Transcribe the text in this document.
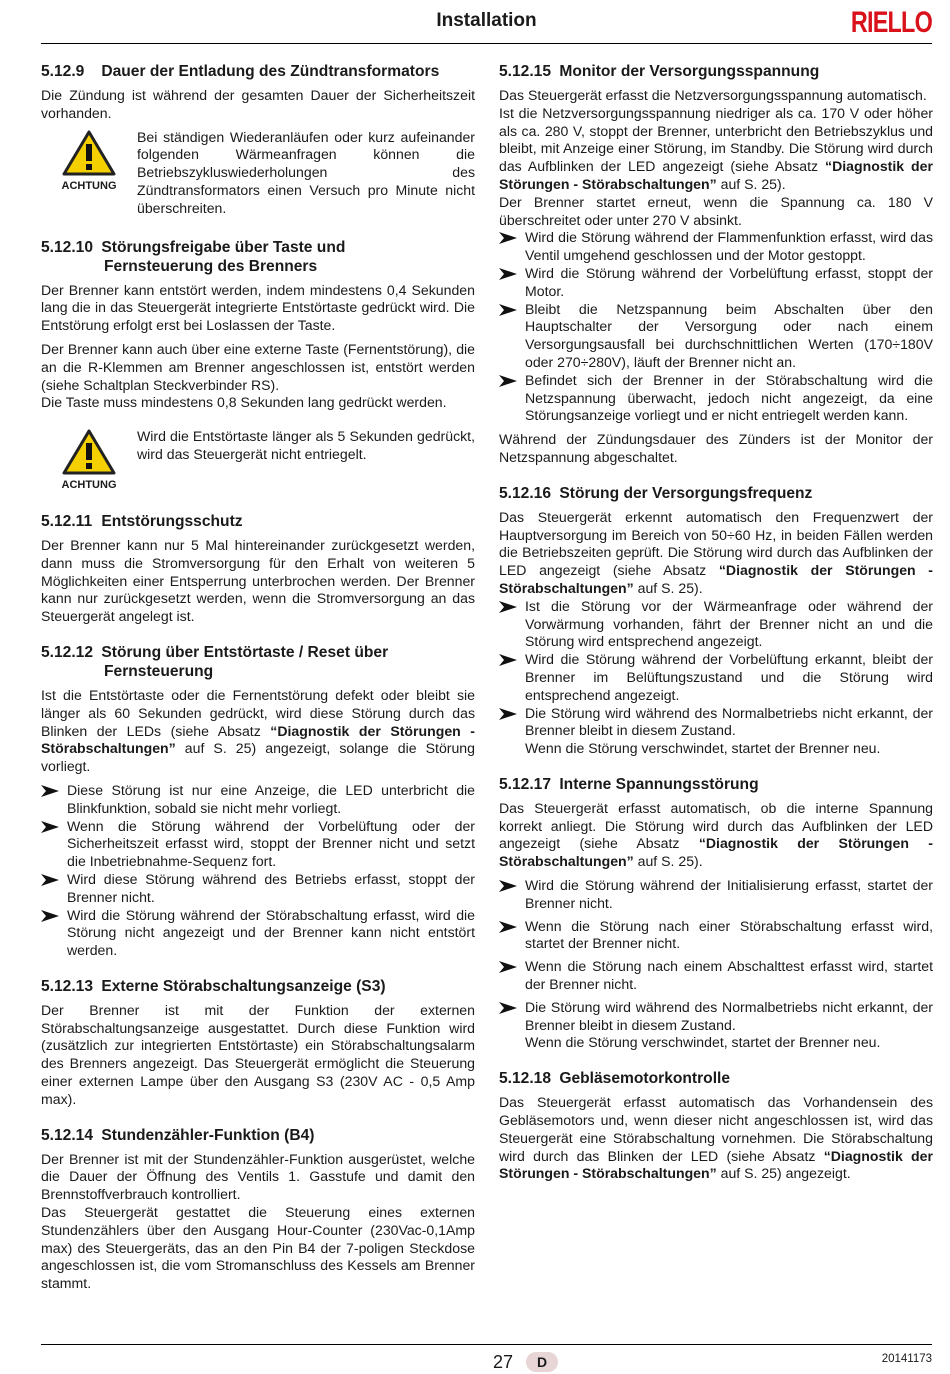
Installation	RIELLO
5.12.9 Dauer der Entladung des Zündtransformators

Die Zündung ist während der gesamten Dauer der Sicherheitszeit vorhanden.

ACHTUNG
Bei ständigen Wiederanläufen oder kurz aufeinander folgenden Wärmeanfragen können die Betriebszykluswiederholungen des Zündtransformators einen Versuch pro Minute nicht überschreiten.
5.12.10 Störungsfreigabe über Taste und
Fernsteuerung des Brenners

Der Brenner kann entstört werden, indem mindestens 0,4 Sekunden lang die in das Steuergerät integrierte Entstörtaste gedrückt wird. Die Entstörung erfolgt erst bei Loslassen der Taste.

Der Brenner kann auch über eine externe Taste (Fernentstörung), die an die R-Klemmen am Brenner angeschlossen ist, entstört werden (siehe Schaltplan Steckverbinder RS).

Die Taste muss mindestens 0,8 Sekunden lang gedrückt werden.

ACHTUNG
Wird die Entstörtaste länger als 5 Sekunden gedrückt, wird das Steuergerät nicht entriegelt.
5.12.11 Entstörungsschutz

Der Brenner kann nur 5 Mal hintereinander zurückgesetzt werden, dann muss die Stromversorgung für den Erhalt von weiteren 5 Möglichkeiten einer Entsperrung unterbrochen werden. Der Brenner kann nur zurückgesetzt werden, wenn die Stromversorgung an das Steuergerät angelegt ist.

5.12.12 Störung über Entstörtaste / Reset über
Fernsteuerung

Ist die Entstörtaste oder die Fernentstörung defekt oder bleibt sie länger als 60 Sekunden gedrückt, wird diese Störung durch das Blinken der LEDs (siehe Absatz “Diagnostik der Störungen - Störabschaltungen” auf S. 25) angezeigt, solange die Störung vorliegt.

Diese Störung ist nur eine Anzeige, die LED unterbricht die Blinkfunktion, sobald sie nicht mehr vorliegt.
Wenn die Störung während der Vorbelüftung oder der Sicherheitszeit erfasst wird, stoppt der Brenner nicht und setzt die Inbetriebnahme-Sequenz fort.
Wird diese Störung während des Betriebs erfasst, stoppt der Brenner nicht.
Wird die Störung während der Störabschaltung erfasst, wird die Störung nicht angezeigt und der Brenner kann nicht entstört werden.
5.12.13 Externe Störabschaltungsanzeige (S3)

Der Brenner ist mit der Funktion der externen Störabschaltungsanzeige ausgestattet. Durch diese Funktion wird (zusätzlich zur integrierten Entstörtaste) ein Störabschaltungsalarm des Brenners angezeigt. Das Steuergerät ermöglicht die Steuerung einer externen Lampe über den Ausgang S3 (230V AC - 0,5 Amp max).

5.12.14 Stundenzähler-Funktion (B4)

Der Brenner ist mit der Stundenzähler-Funktion ausgerüstet, welche die Dauer der Öffnung des Ventils 1. Gasstufe und damit den Brennstoffverbrauch kontrolliert.

Das Steuergerät gestattet die Steuerung eines externen Stundenzählers über den Ausgang Hour-Counter (230Vac-0,1Amp max) des Steuergeräts, das an den Pin B4 der 7-poligen Steckdose angeschlossen ist, die vom Stromanschluss des Kessels am Brenner stammt.

5.12.15 Monitor der Versorgungsspannung

Das Steuergerät erfasst die Netzversorgungsspannung automatisch.

Ist die Netzversorgungsspannung niedriger als ca. 170 V oder höher als ca. 280 V, stoppt der Brenner, unterbricht den Betriebszyklus und bleibt, mit Anzeige einer Störung, im Standby. Die Störung wird durch das Aufblinken der LED angezeigt (siehe Absatz “Diagnostik der Störungen - Störabschaltungen” auf S. 25).

Der Brenner startet erneut, wenn die Spannung ca. 180 V überschreitet oder unter 270 V absinkt.

Wird die Störung während der Flammenfunktion erfasst, wird das Ventil umgehend geschlossen und der Motor gestoppt.
Wird die Störung während der Vorbelüftung erfasst, stoppt der Motor.
Bleibt die Netzspannung beim Abschalten über den Hauptschalter der Versorgung oder nach einem Versorgungsausfall bei durchschnittlichen Werten (170÷180V oder 270÷280V), läuft der Brenner nicht an.
Befindet sich der Brenner in der Störabschaltung wird die Netzspannung überwacht, jedoch nicht angezeigt, da eine Störungsanzeige vorliegt und er nicht entriegelt werden kann.

Während der Zündungsdauer des Zünders ist der Monitor der Netzspannung abgeschaltet.

5.12.16 Störung der Versorgungsfrequenz

Das Steuergerät erkennt automatisch den Frequenzwert der Hauptversorgung im Bereich von 50÷60 Hz, in beiden Fällen werden die Betriebszeiten geprüft. Die Störung wird durch das Aufblinken der LED angezeigt (siehe Absatz “Diagnostik der Störungen - Störabschaltungen” auf S. 25).

Ist die Störung vor der Wärmeanfrage oder während der Vorwärmung vorhanden, fährt der Brenner nicht an und die Störung wird entsprechend angezeigt.
Wird die Störung während der Vorbelüftung erkannt, bleibt der Brenner im Belüftungszustand und die Störung wird entsprechend angezeigt.
Die Störung wird während des Normalbetriebs nicht erkannt, der Brenner bleibt in diesem Zustand.

Wenn die Störung verschwindet, startet der Brenner neu.

5.12.17 Interne Spannungsstörung

Das Steuergerät erfasst automatisch, ob die interne Spannung korrekt anliegt. Die Störung wird durch das Aufblinken der LED angezeigt (siehe Absatz “Diagnostik der Störungen - Störabschaltungen” auf S. 25).

Wird die Störung während der Initialisierung erfasst, startet der Brenner nicht.
Wenn die Störung nach einer Störabschaltung erfasst wird, startet der Brenner nicht.
Wenn die Störung nach einem Abschalttest erfasst wird, startet der Brenner nicht.
Die Störung wird während des Normalbetriebs nicht erkannt, der Brenner bleibt in diesem Zustand.

Wenn die Störung verschwindet, startet der Brenner neu.

5.12.18 Gebläsemotorkontrolle

Das Steuergerät erfasst automatisch das Vorhandensein des Gebläsemotors und, wenn dieser nicht angeschlossen ist, wird das Steuergerät eine Störabschaltung vornehmen. Die Störabschaltung wird durch das Blinken der LED (siehe Absatz “Diagnostik der Störungen - Störabschaltungen” auf S. 25) angezeigt.

27	D	20141173
